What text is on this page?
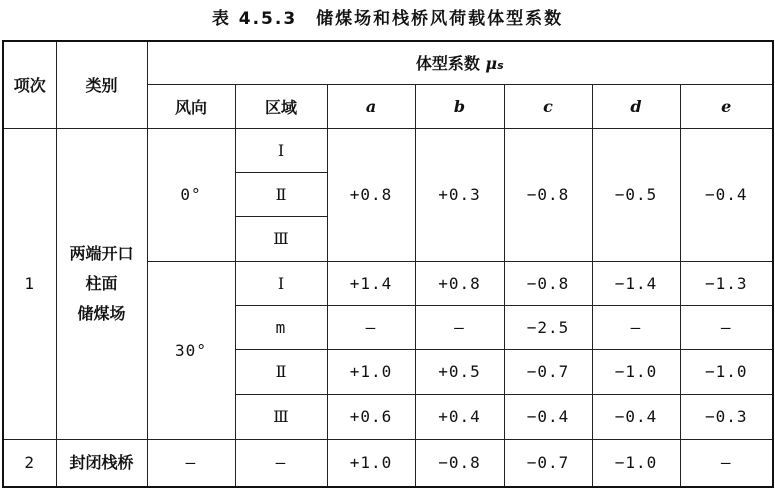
表 4.5.3　储煤场和栈桥风荷载体型系数
项次	类别	体型系数 μs						
		风向	区域	a	b	c	d	e
1	两端开口
柱面
储煤场	0°	Ⅰ	+0.8	+0.3	−0.8	−0.5	−0.4
			Ⅱ					
			Ⅲ					
		30°	Ⅰ	+1.4	+0.8	−0.8	−1.4	−1.3
			m	—	—	−2.5	—	—
			Ⅱ	+1.0	+0.5	−0.7	−1.0	−1.0
			Ⅲ	+0.6	+0.4	−0.4	−0.4	−0.3
2	封闭栈桥	—	—	+1.0	−0.8	−0.7	−1.0	—
